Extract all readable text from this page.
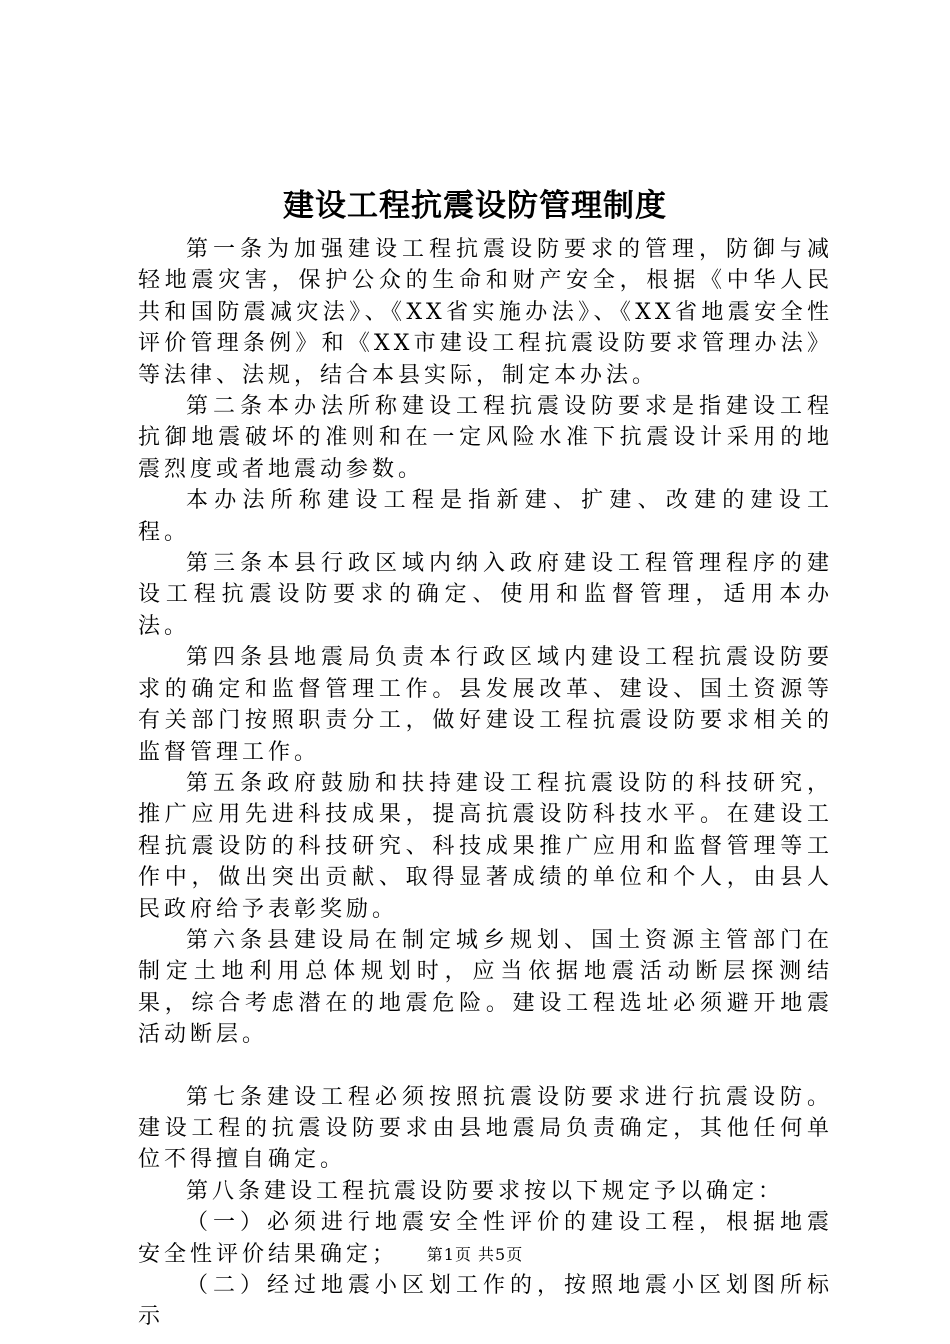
建设工程抗震设防管理制度

第一条为加强建设工程抗震设防要求的管理，防御与减轻地震灾害，保护公众的生命和财产安全，根据《中华人民共和国防震减灾法》、《XX省实施办法》、《XX省地震安全性评价管理条例》和《XX市建设工程抗震设防要求管理办法》等法律、法规，结合本县实际，制定本办法。

第二条本办法所称建设工程抗震设防要求是指建设工程抗御地震破坏的准则和在一定风险水准下抗震设计采用的地震烈度或者地震动参数。

本办法所称建设工程是指新建、扩建、改建的建设工程。

第三条本县行政区域内纳入政府建设工程管理程序的建设工程抗震设防要求的确定、使用和监督管理，适用本办法。

第四条县地震局负责本行政区域内建设工程抗震设防要求的确定和监督管理工作。县发展改革、建设、国土资源等有关部门按照职责分工，做好建设工程抗震设防要求相关的监督管理工作。

第五条政府鼓励和扶持建设工程抗震设防的科技研究，推广应用先进科技成果，提高抗震设防科技水平。在建设工程抗震设防的科技研究、科技成果推广应用和监督管理等工作中，做出突出贡献、取得显著成绩的单位和个人，由县人民政府给予表彰奖励。

第六条县建设局在制定城乡规划、国土资源主管部门在制定土地利用总体规划时，应当依据地震活动断层探测结果，综合考虑潜在的地震危险。建设工程选址必须避开地震活动断层。

第七条建设工程必须按照抗震设防要求进行抗震设防。建设工程的抗震设防要求由县地震局负责确定，其他任何单位不得擅自确定。

第八条建设工程抗震设防要求按以下规定予以确定：

（一）必须进行地震安全性评价的建设工程，根据地震安全性评价结果确定；

（二）经过地震小区划工作的，按照地震小区划图所标示

第1页 共5页
